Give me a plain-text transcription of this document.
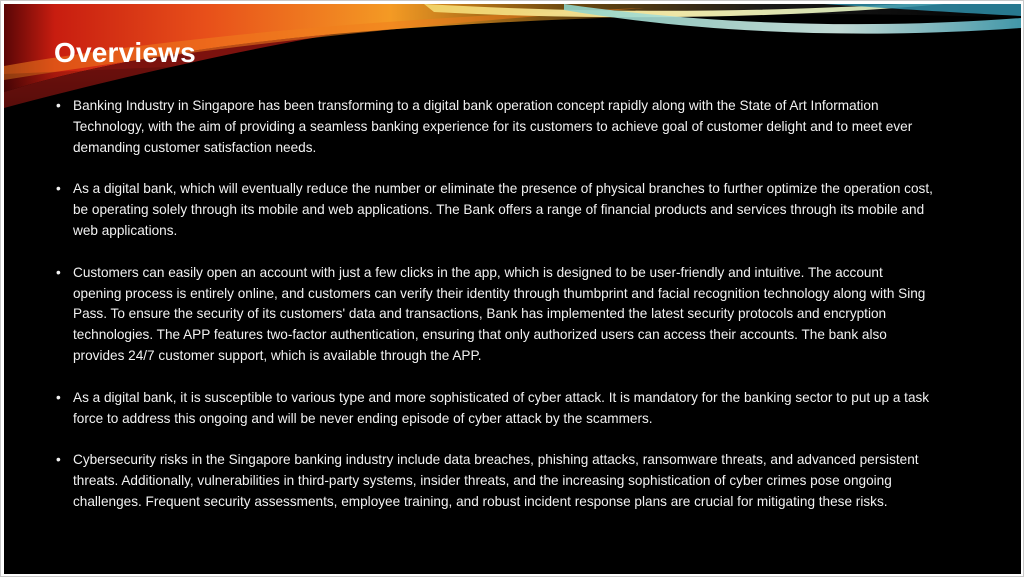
Overviews
• Banking Industry in Singapore has been transforming to a digital bank operation concept rapidly along with the State of Art Information Technology, with the aim of providing a seamless banking experience for its customers to achieve goal of customer delight and to meet ever demanding customer satisfaction needs.
• As a digital bank, which will eventually reduce the number or eliminate the presence of physical branches to further optimize the operation cost, be operating solely through its mobile and web applications. The Bank offers a range of financial products and services through its mobile and web applications.
• Customers can easily open an account with just a few clicks in the app, which is designed to be user-friendly and intuitive. The account opening process is entirely online, and customers can verify their identity through thumbprint and facial recognition technology along with Sing Pass. To ensure the security of its customers' data and transactions, Bank has implemented the latest security protocols and encryption technologies. The APP features two-factor authentication, ensuring that only authorized users can access their accounts. The bank also provides 24/7 customer support, which is available through the APP.
• As a digital bank, it is susceptible to various type and more sophisticated of cyber attack. It is mandatory for the banking sector to put up a task force to address this ongoing and will be never ending episode of cyber attack by the scammers.
• Cybersecurity risks in the Singapore banking industry include data breaches, phishing attacks, ransomware threats, and advanced persistent threats. Additionally, vulnerabilities in third-party systems, insider threats, and the increasing sophistication of cyber crimes pose ongoing challenges. Frequent security assessments, employee training, and robust incident response plans are crucial for mitigating these risks.
